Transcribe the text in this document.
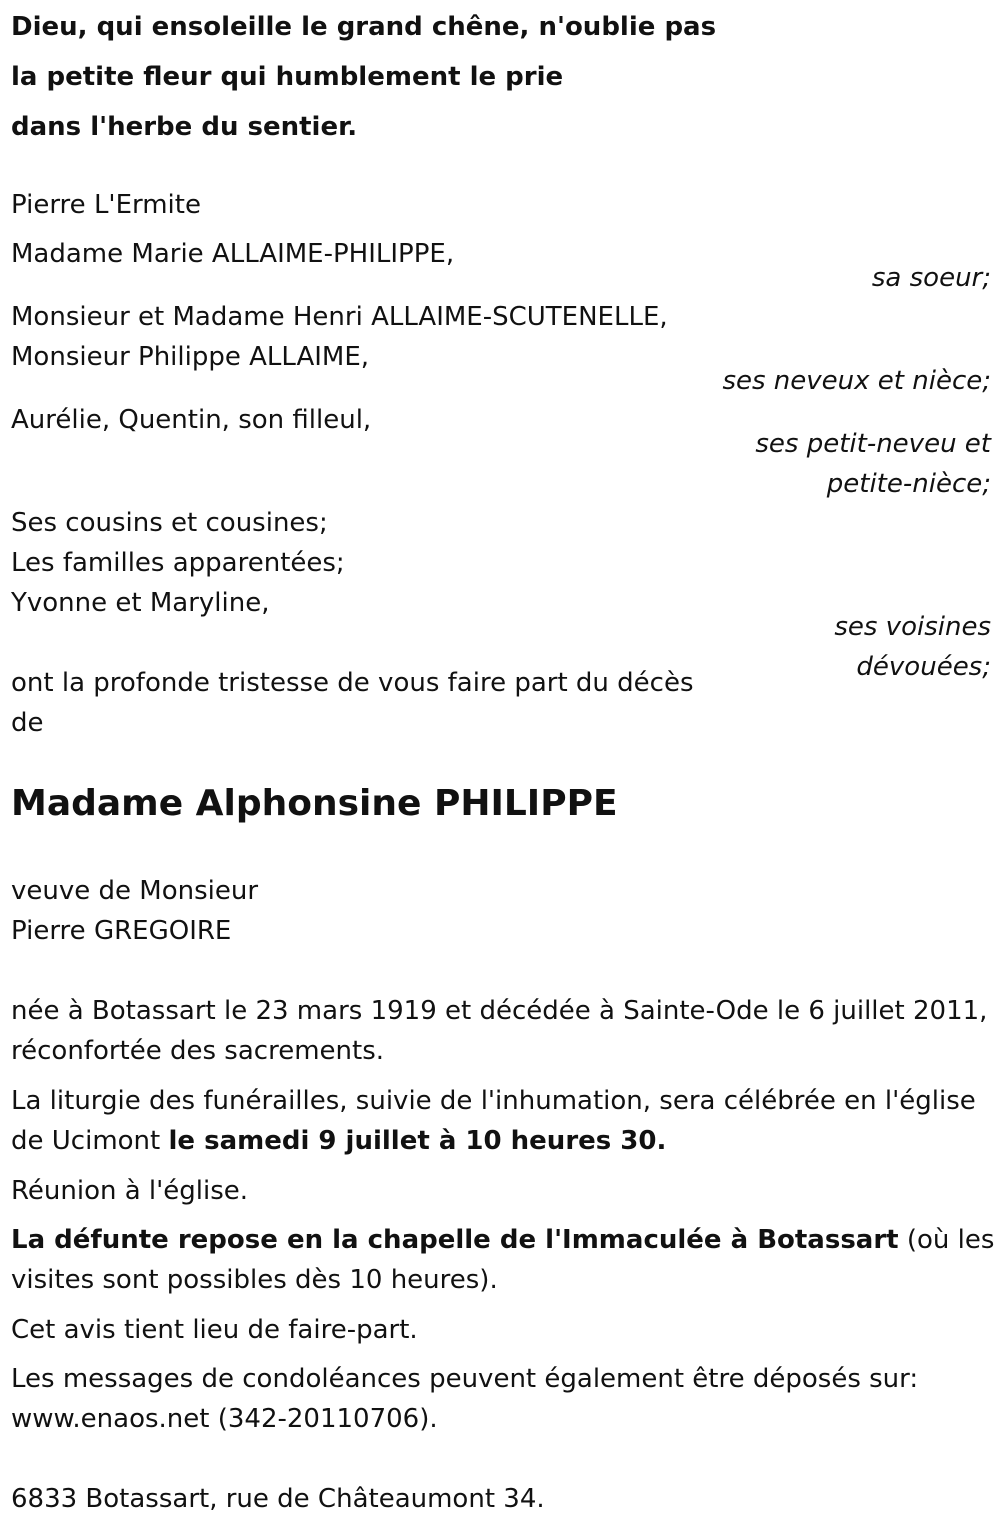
Dieu, qui ensoleille le grand chêne, n'oublie pas
la petite fleur qui humblement le prie
dans l'herbe du sentier.
Pierre L'Ermite
Madame Marie ALLAIME-PHILIPPE,
sa soeur;
Monsieur et Madame Henri ALLAIME-SCUTENELLE,
Monsieur Philippe ALLAIME,
ses neveux et nièce;
Aurélie, Quentin, son filleul,
ses petit-neveu et
petite-nièce;
Ses cousins et cousines;
Les familles apparentées;
Yvonne et Maryline,
ses voisines
dévouées;
ont la profonde tristesse de vous faire part du décès
de
Madame Alphonsine PHILIPPE
veuve de Monsieur
Pierre GREGOIRE
née à Botassart le 23 mars 1919 et décédée à Sainte-Ode le 6 juillet 2011,
réconfortée des sacrements.
La liturgie des funérailles, suivie de l'inhumation, sera célébrée en l'église
de Ucimont le samedi 9 juillet à 10 heures 30.
Réunion à l'église.
La défunte repose en la chapelle de l'Immaculée à Botassart (où les
visites sont possibles dès 10 heures).
Cet avis tient lieu de faire-part.
Les messages de condoléances peuvent également être déposés sur:
www.enaos.net (342-20110706).
6833 Botassart, rue de Châteaumont 34.
